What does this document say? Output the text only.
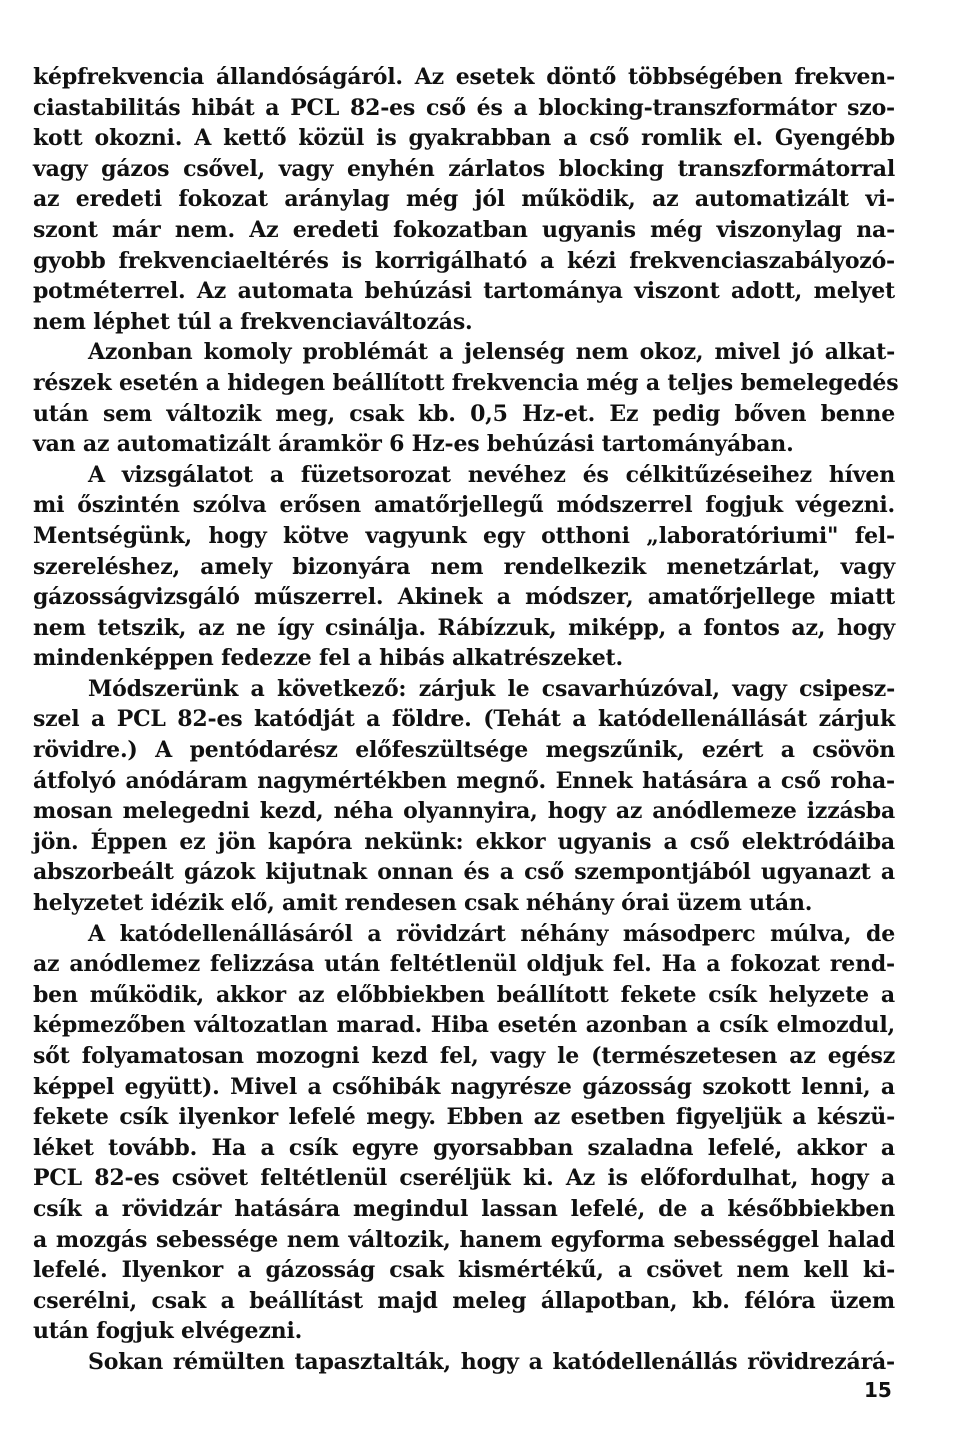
képfrekvencia állandóságáról. Az esetek döntő többségében frekven-
ciastabilitás hibát a PCL 82-es cső és a blocking-transzformátor szo-
kott okozni. A kettő közül is gyakrabban a cső romlik el. Gyengébb
vagy gázos csővel, vagy enyhén zárlatos blocking transzformátorral
az eredeti fokozat aránylag még jól működik, az automatizált vi-
szont már nem. Az eredeti fokozatban ugyanis még viszonylag na-
gyobb frekvenciaeltérés is korrigálható a kézi frekvenciaszabályozó-
potméterrel. Az automata behúzási tartománya viszont adott, melyet
nem léphet túl a frekvenciaváltozás.
Azonban komoly problémát a jelenség nem okoz, mivel jó alkat-
részek esetén a hidegen beállított frekvencia még a teljes bemelegedés
után sem változik meg, csak kb. 0,5 Hz-et. Ez pedig bőven benne
van az automatizált áramkör 6 Hz-es behúzási tartományában.
A vizsgálatot a füzetsorozat nevéhez és célkitűzéseihez híven
mi őszintén szólva erősen amatőrjellegű módszerrel fogjuk végezni.
Mentségünk, hogy kötve vagyunk egy otthoni „laboratóriumi" fel-
szereléshez, amely bizonyára nem rendelkezik menetzárlat, vagy
gázosságvizsgáló műszerrel. Akinek a módszer, amatőrjellege miatt
nem tetszik, az ne így csinálja. Rábízzuk, miképp, a fontos az, hogy
mindenképpen fedezze fel a hibás alkatrészeket.
Módszerünk a következő: zárjuk le csavarhúzóval, vagy csipesz-
szel a PCL 82-es katódját a földre. (Tehát a katódellenállását zárjuk
rövidre.) A pentódarész előfeszültsége megszűnik, ezért a csövön
átfolyó anódáram nagymértékben megnő. Ennek hatására a cső roha-
mosan melegedni kezd, néha olyannyira, hogy az anódlemeze izzásba
jön. Éppen ez jön kapóra nekünk: ekkor ugyanis a cső elektródáiba
abszorbeált gázok kijutnak onnan és a cső szempontjából ugyanazt a
helyzetet idézik elő, amit rendesen csak néhány órai üzem után.
A katódellenállásáról a rövidzárt néhány másodperc múlva, de
az anódlemez felizzása után feltétlenül oldjuk fel. Ha a fokozat rend-
ben működik, akkor az előbbiekben beállított fekete csík helyzete a
képmezőben változatlan marad. Hiba esetén azonban a csík elmozdul,
sőt folyamatosan mozogni kezd fel, vagy le (természetesen az egész
képpel együtt). Mivel a csőhibák nagyrésze gázosság szokott lenni, a
fekete csík ilyenkor lefelé megy. Ebben az esetben figyeljük a készü-
léket tovább. Ha a csík egyre gyorsabban szaladna lefelé, akkor a
PCL 82-es csövet feltétlenül cseréljük ki. Az is előfordulhat, hogy a
csík a rövidzár hatására megindul lassan lefelé, de a későbbiekben
a mozgás sebessége nem változik, hanem egyforma sebességgel halad
lefelé. Ilyenkor a gázosság csak kismértékű, a csövet nem kell ki-
cserélni, csak a beállítást majd meleg állapotban, kb. félóra üzem
után fogjuk elvégezni.
Sokan rémülten tapasztalták, hogy a katódellenállás rövidrezárá-
15
